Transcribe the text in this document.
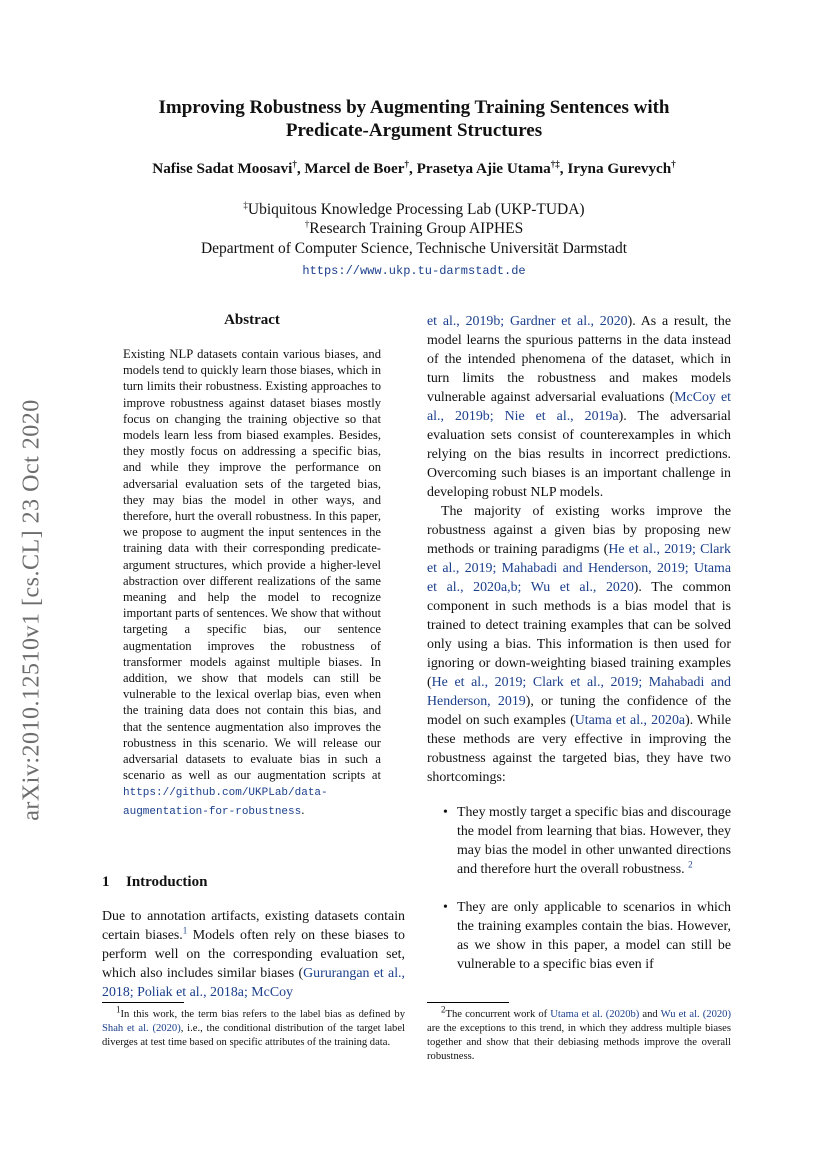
arXiv:2010.12510v1 [cs.CL] 23 Oct 2020
Improving Robustness by Augmenting Training Sentences with
Predicate-Argument Structures
Nafise Sadat Moosavi†, Marcel de Boer†, Prasetya Ajie Utama†‡, Iryna Gurevych†
‡Ubiquitous Knowledge Processing Lab (UKP-TUDA)
†Research Training Group AIPHES
Department of Computer Science, Technische Universität Darmstadt
https://www.ukp.tu-darmstadt.de
Abstract
Existing NLP datasets contain various biases, and models tend to quickly learn those biases, which in turn limits their robustness. Existing approaches to improve robustness against dataset biases mostly focus on changing the training objective so that models learn less from biased examples. Besides, they mostly focus on addressing a specific bias, and while they improve the performance on adversarial evaluation sets of the targeted bias, they may bias the model in other ways, and therefore, hurt the overall robustness. In this paper, we propose to augment the input sentences in the training data with their corresponding predicate-argument structures, which provide a higher-level abstraction over different realizations of the same meaning and help the model to recognize important parts of sentences. We show that without targeting a specific bias, our sentence augmentation improves the robustness of transformer models against multiple biases. In addition, we show that models can still be vulnerable to the lexical overlap bias, even when the training data does not contain this bias, and that the sentence augmentation also improves the robustness in this scenario. We will release our adversarial datasets to evaluate bias in such a scenario as well as our augmentation scripts at https://github.com/UKPLab/data-augmentation-for-robustness.
1 Introduction
Due to annotation artifacts, existing datasets contain certain biases.$^1$ Models often rely on these biases to perform well on the corresponding evaluation set, which also includes similar biases (Gururangan et al., 2018; Poliak et al., 2018a; McCoy
$^1$In this work, the term bias refers to the label bias as defined by Shah et al. (2020), i.e., the conditional distribution of the target label diverges at test time based on specific attributes of the training data.
et al., 2019b; Gardner et al., 2020). As a result, the model learns the spurious patterns in the data instead of the intended phenomena of the dataset, which in turn limits the robustness and makes models vulnerable against adversarial evaluations (McCoy et al., 2019b; Nie et al., 2019a). The adversarial evaluation sets consist of counterexamples in which relying on the bias results in incorrect predictions. Overcoming such biases is an important challenge in developing robust NLP models.
The majority of existing works improve the robustness against a given bias by proposing new methods or training paradigms (He et al., 2019; Clark et al., 2019; Mahabadi and Henderson, 2019; Utama et al., 2020a,b; Wu et al., 2020). The common component in such methods is a bias model that is trained to detect training examples that can be solved only using a bias. This information is then used for ignoring or down-weighting biased training examples (He et al., 2019; Clark et al., 2019; Mahabadi and Henderson, 2019), or tuning the confidence of the model on such examples (Utama et al., 2020a). While these methods are very effective in improving the robustness against the targeted bias, they have two shortcomings:
• They mostly target a specific bias and discourage the model from learning that bias. However, they may bias the model in other unwanted directions and therefore hurt the overall robustness. $^2$
• They are only applicable to scenarios in which the training examples contain the bias. However, as we show in this paper, a model can still be vulnerable to a specific bias even if
$^2$The concurrent work of Utama et al. (2020b) and Wu et al. (2020) are the exceptions to this trend, in which they address multiple biases together and show that their debiasing methods improve the overall robustness.
